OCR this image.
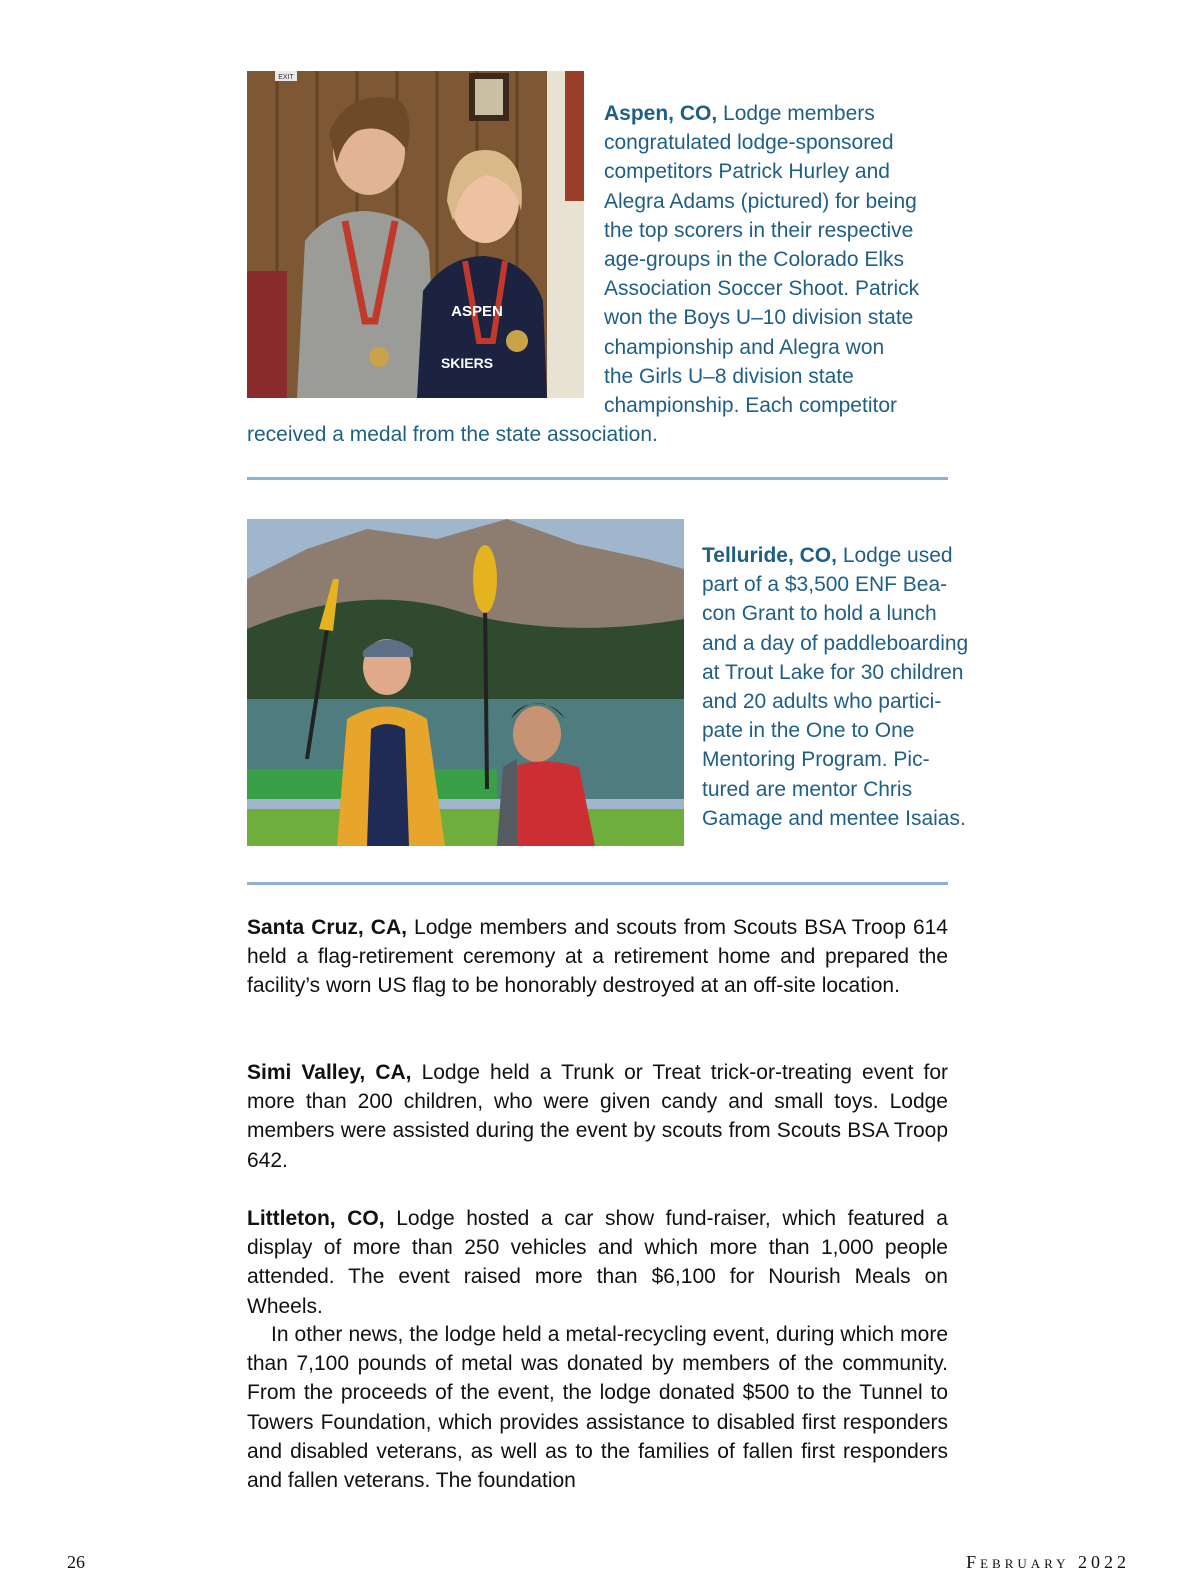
EXIT
ASPEN
SKIERS
Aspen, CO, Lodge members
congratulated lodge-sponsored
competitors Patrick Hurley and
Alegra Adams (pictured) for being
the top scorers in their respective
age-groups in the Colorado Elks
Association Soccer Shoot. Patrick
won the Boys U–10 division state
championship and Alegra won
the Girls U–8 division state
championship. Each competitor
received a medal from the state association.
Telluride, CO, Lodge used
part of a $3,500 ENF Bea-
con Grant to hold a lunch
and a day of paddleboarding
at Trout Lake for 30 children
and 20 adults who partici-
pate in the One to One
Mentoring Program. Pic-
tured are mentor Chris
Gamage and mentee Isaias.

Santa Cruz, CA, Lodge members and scouts from Scouts BSA Troop 614 held a flag-retirement ceremony at a retirement home and prepared the facility’s worn US flag to be honorably destroyed at an off-site location.

Simi Valley, CA, Lodge held a Trunk or Treat trick-or-treating event for more than 200 children, who were given candy and small toys. Lodge members were assisted during the event by scouts from Scouts BSA Troop 642.

Littleton, CO, Lodge hosted a car show fund-raiser, which featured a display of more than 250 vehicles and which more than 1,000 people attended. The event raised more than $6,100 for Nourish Meals on Wheels.

In other news, the lodge held a metal-recycling event, during which more than 7,100 pounds of metal was donated by members of the community. From the proceeds of the event, the lodge donated $500 to the Tunnel to Towers Foundation, which provides assistance to disabled first responders and disabled veterans, as well as to the families of fallen first responders and fallen veterans. The foundation

26	February 2022
